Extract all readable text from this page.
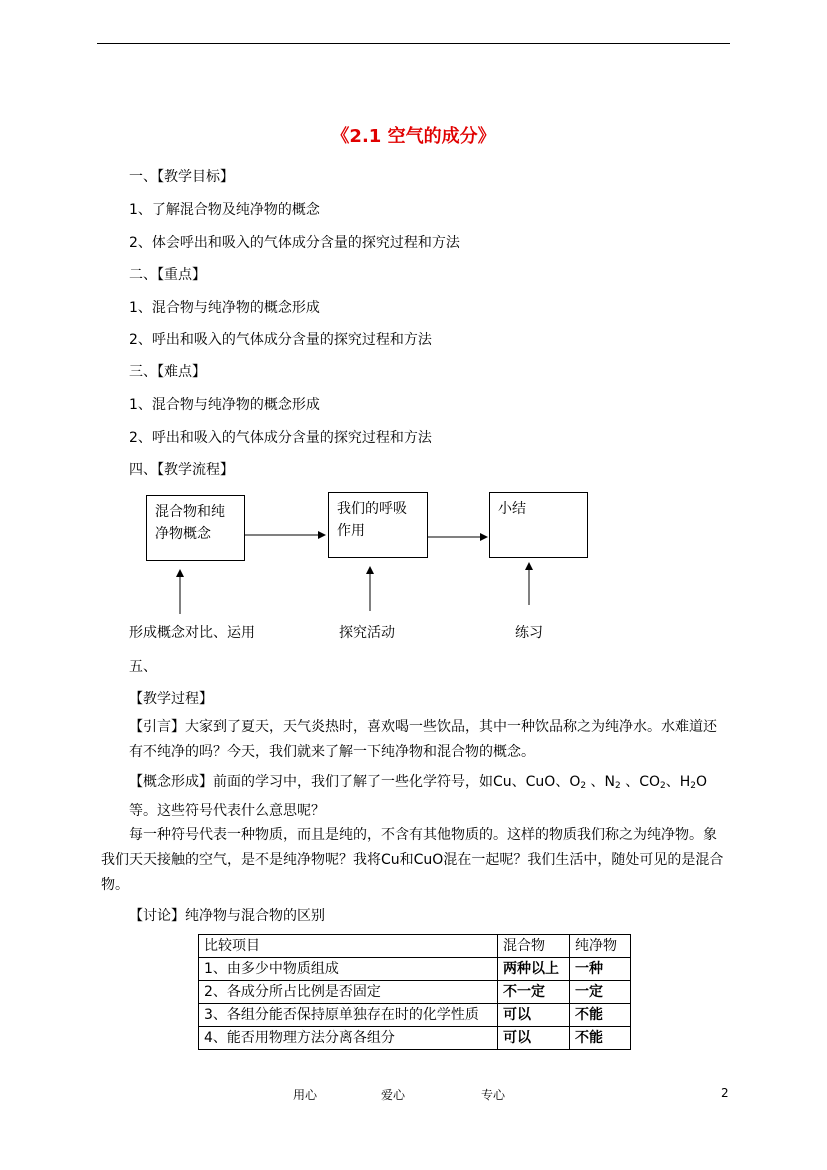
《2.1 空气的成分》
一、【教学目标】
1、了解混合物及纯净物的概念
2、体会呼出和吸入的气体成分含量的探究过程和方法
二、【重点】
1、混合物与纯净物的概念形成
2、呼出和吸入的气体成分含量的探究过程和方法
三、【难点】
1、混合物与纯净物的概念形成
2、呼出和吸入的气体成分含量的探究过程和方法
四、【教学流程】
混合物和纯净物概念
我们的呼吸作用
小结
形成概念对比、运用	探究活动	练习
五、
【教学过程】
【引言】大家到了夏天，天气炎热时，喜欢喝一些饮品，其中一种饮品称之为纯净水。水难道还有不纯净的吗？今天，我们就来了解一下纯净物和混合物的概念。
【概念形成】前面的学习中，我们了解了一些化学符号，如Cu、CuO、$O_2$ 、$N_2$ 、$CO_2$、$H_2O$ 等。这些符号代表什么意思呢？
每一种符号代表一种物质，而且是纯的，不含有其他物质的。这样的物质我们称之为纯净物。象我们天天接触的空气，是不是纯净物呢？我将Cu和CuO混在一起呢？我们生活中，随处可见的是混合物。
【讨论】纯净物与混合物的区别
比较项目	混合物	纯净物
1、由多少中物质组成	两种以上	一种
2、各成分所占比例是否固定	不一定	一定
3、各组分能否保持原单独存在时的化学性质	可以	不能
4、能否用物理方法分离各组分	可以	不能
用心	爱心	专心	2
